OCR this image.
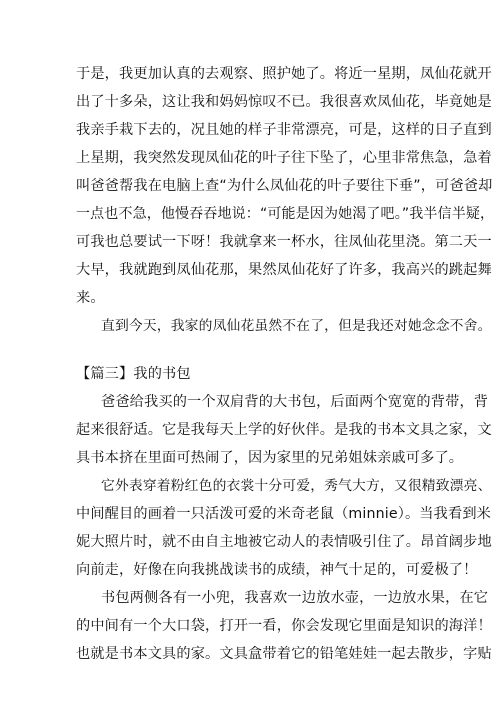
于是，我更加认真的去观察、照护她了。将近一星期，凤仙花就开
出了十多朵，这让我和妈妈惊叹不已。我很喜欢凤仙花，毕竟她是
我亲手栽下去的，况且她的样子非常漂亮，可是，这样的日子直到
上星期，我突然发现凤仙花的叶子往下坠了，心里非常焦急，急着
叫爸爸帮我在电脑上查“为什么凤仙花的叶子要往下垂”，可爸爸却
一点也不急，他慢吞吞地说：“可能是因为她渴了吧。”我半信半疑，
可我也总要试一下呀！我就拿来一杯水，往凤仙花里浇。第二天一
大早，我就跑到凤仙花那，果然凤仙花好了许多，我高兴的跳起舞
来。
直到今天，我家的凤仙花虽然不在了，但是我还对她念念不舍。
【篇三】我的书包
爸爸给我买的一个双肩背的大书包，后面两个宽宽的背带，背
起来很舒适。它是我每天上学的好伙伴。是我的书本文具之家，文
具书本挤在里面可热闹了，因为家里的兄弟姐妹亲戚可多了。
它外表穿着粉红色的衣裳十分可爱，秀气大方，又很精致漂亮、
中间醒目的画着一只活泼可爱的米奇老鼠（minnie）。当我看到米
妮大照片时，就不由自主地被它动人的表情吸引住了。昂首阔步地
向前走，好像在向我挑战读书的成绩，神气十足的，可爱极了！
书包两侧各有一小兜，我喜欢一边放水壶，一边放水果，在它
的中间有一个大口袋，打开一看，你会发现它里面是知识的海洋！
也就是书本文具的家。文具盒带着它的铅笔娃娃一起去散步，字贴
